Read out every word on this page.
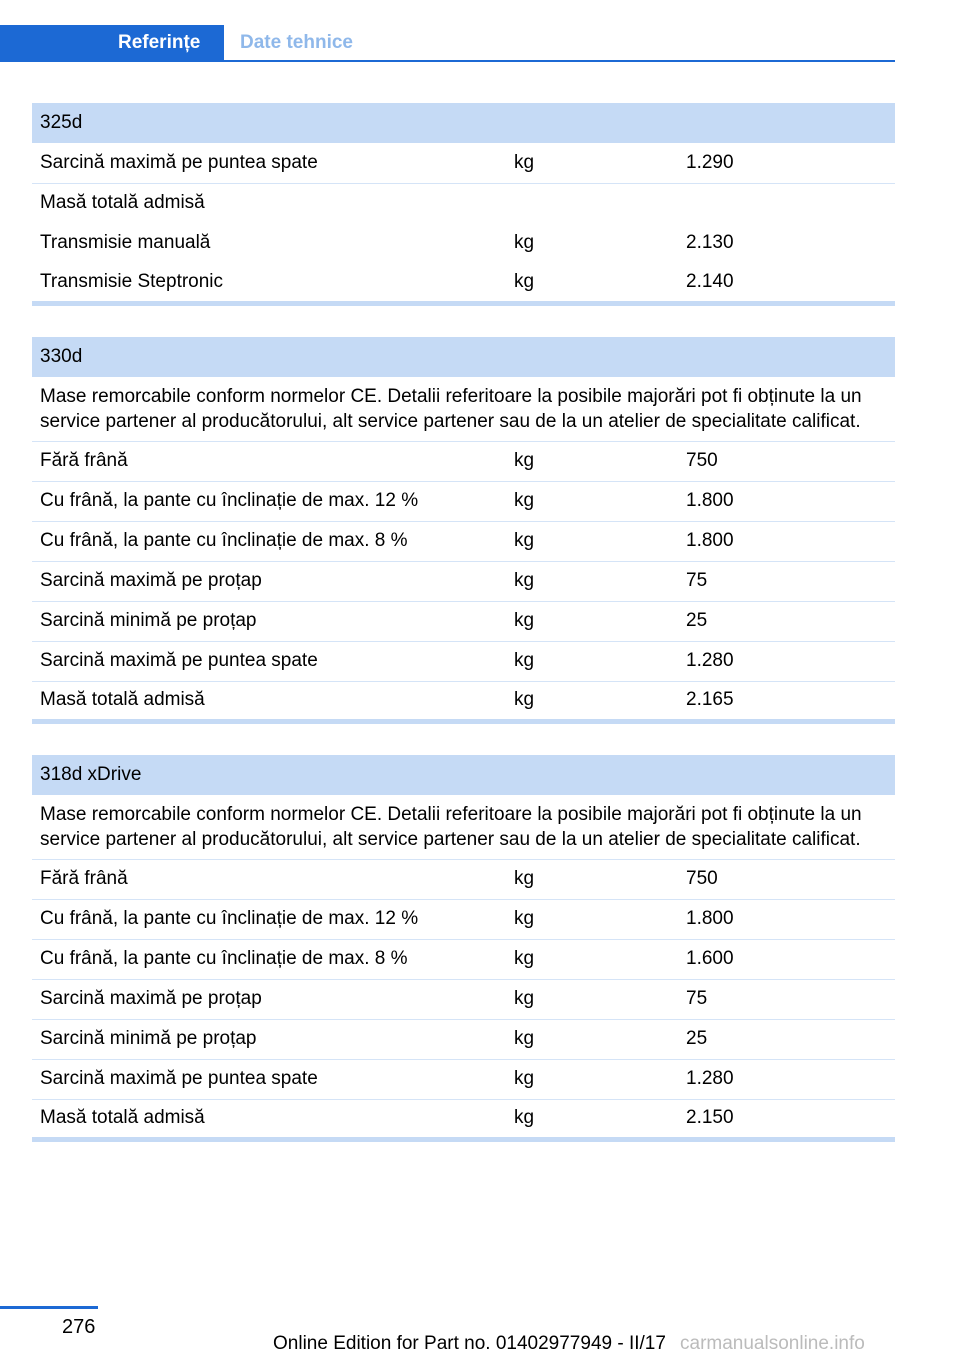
Referințe	Date tehnice
325d		
Sarcină maximă pe puntea spate	kg	1.290
Masă totală admisă		
Transmisie manuală	kg	2.130
Transmisie Steptronic	kg	2.140
330d		
Mase remorcabile conform normelor CE. Detalii referitoare la posibile majorări pot fi obținute la un service partener al producătorului, alt service partener sau de la un atelier de specialitate calificat.		
Fără frână	kg	750
Cu frână, la pante cu înclinație de max. 12 %	kg	1.800
Cu frână, la pante cu înclinație de max. 8 %	kg	1.800
Sarcină maximă pe proțap	kg	75
Sarcină minimă pe proțap	kg	25
Sarcină maximă pe puntea spate	kg	1.280
Masă totală admisă	kg	2.165
318d xDrive		
Mase remorcabile conform normelor CE. Detalii referitoare la posibile majorări pot fi obținute la un service partener al producătorului, alt service partener sau de la un atelier de specialitate calificat.		
Fără frână	kg	750
Cu frână, la pante cu înclinație de max. 12 %	kg	1.800
Cu frână, la pante cu înclinație de max. 8 %	kg	1.600
Sarcină maximă pe proțap	kg	75
Sarcină minimă pe proțap	kg	25
Sarcină maximă pe puntea spate	kg	1.280
Masă totală admisă	kg	2.150
276
Online Edition for Part no. 01402977949 - II/17 carmanualsonline.info
